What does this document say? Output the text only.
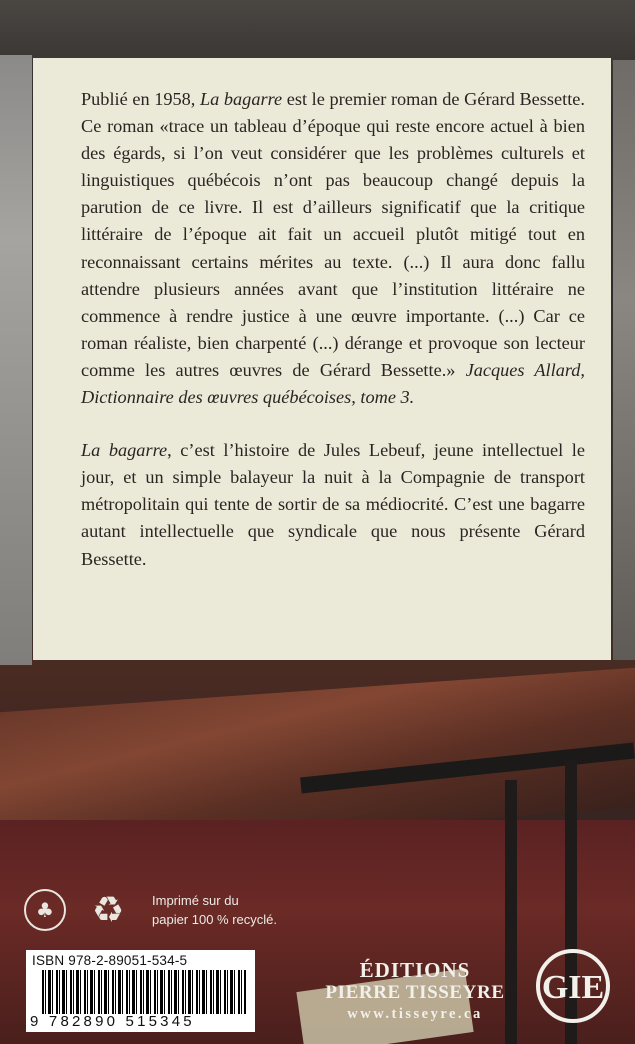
Publié en 1958, La bagarre est le premier roman de Gérard Bessette. Ce roman «trace un tableau d’époque qui reste encore actuel à bien des égards, si l’on veut considérer que les problèmes culturels et linguistiques québécois n’ont pas beaucoup changé depuis la parution de ce livre. Il est d’ailleurs significatif que la critique littéraire de l’époque ait fait un accueil plutôt mitigé tout en reconnaissant certains mérites au texte. (...) Il aura donc fallu attendre plusieurs années avant que l’institution littéraire ne commence à rendre justice à une œuvre importante. (...) Car ce roman réaliste, bien charpenté (...) dérange et provoque son lecteur comme les autres œuvres de Gérard Bessette.» Jacques Allard, Dictionnaire des œuvres québécoises, tome 3.

La bagarre, c’est l’histoire de Jules Lebeuf, jeune intellectuel le jour, et un simple balayeur la nuit à la Compagnie de transport métropolitain qui tente de sortir de sa médiocrité. C’est une bagarre autant intellectuelle que syndicale que nous présente Gérard Bessette.

♣	♻ Imprimé sur du
papier 100 % recyclé.
ISBN 978-2-89051-534-5
9 782890 515345
ÉDITIONS
PIERRE TISSEYRE
www.tisseyre.ca
GIE
